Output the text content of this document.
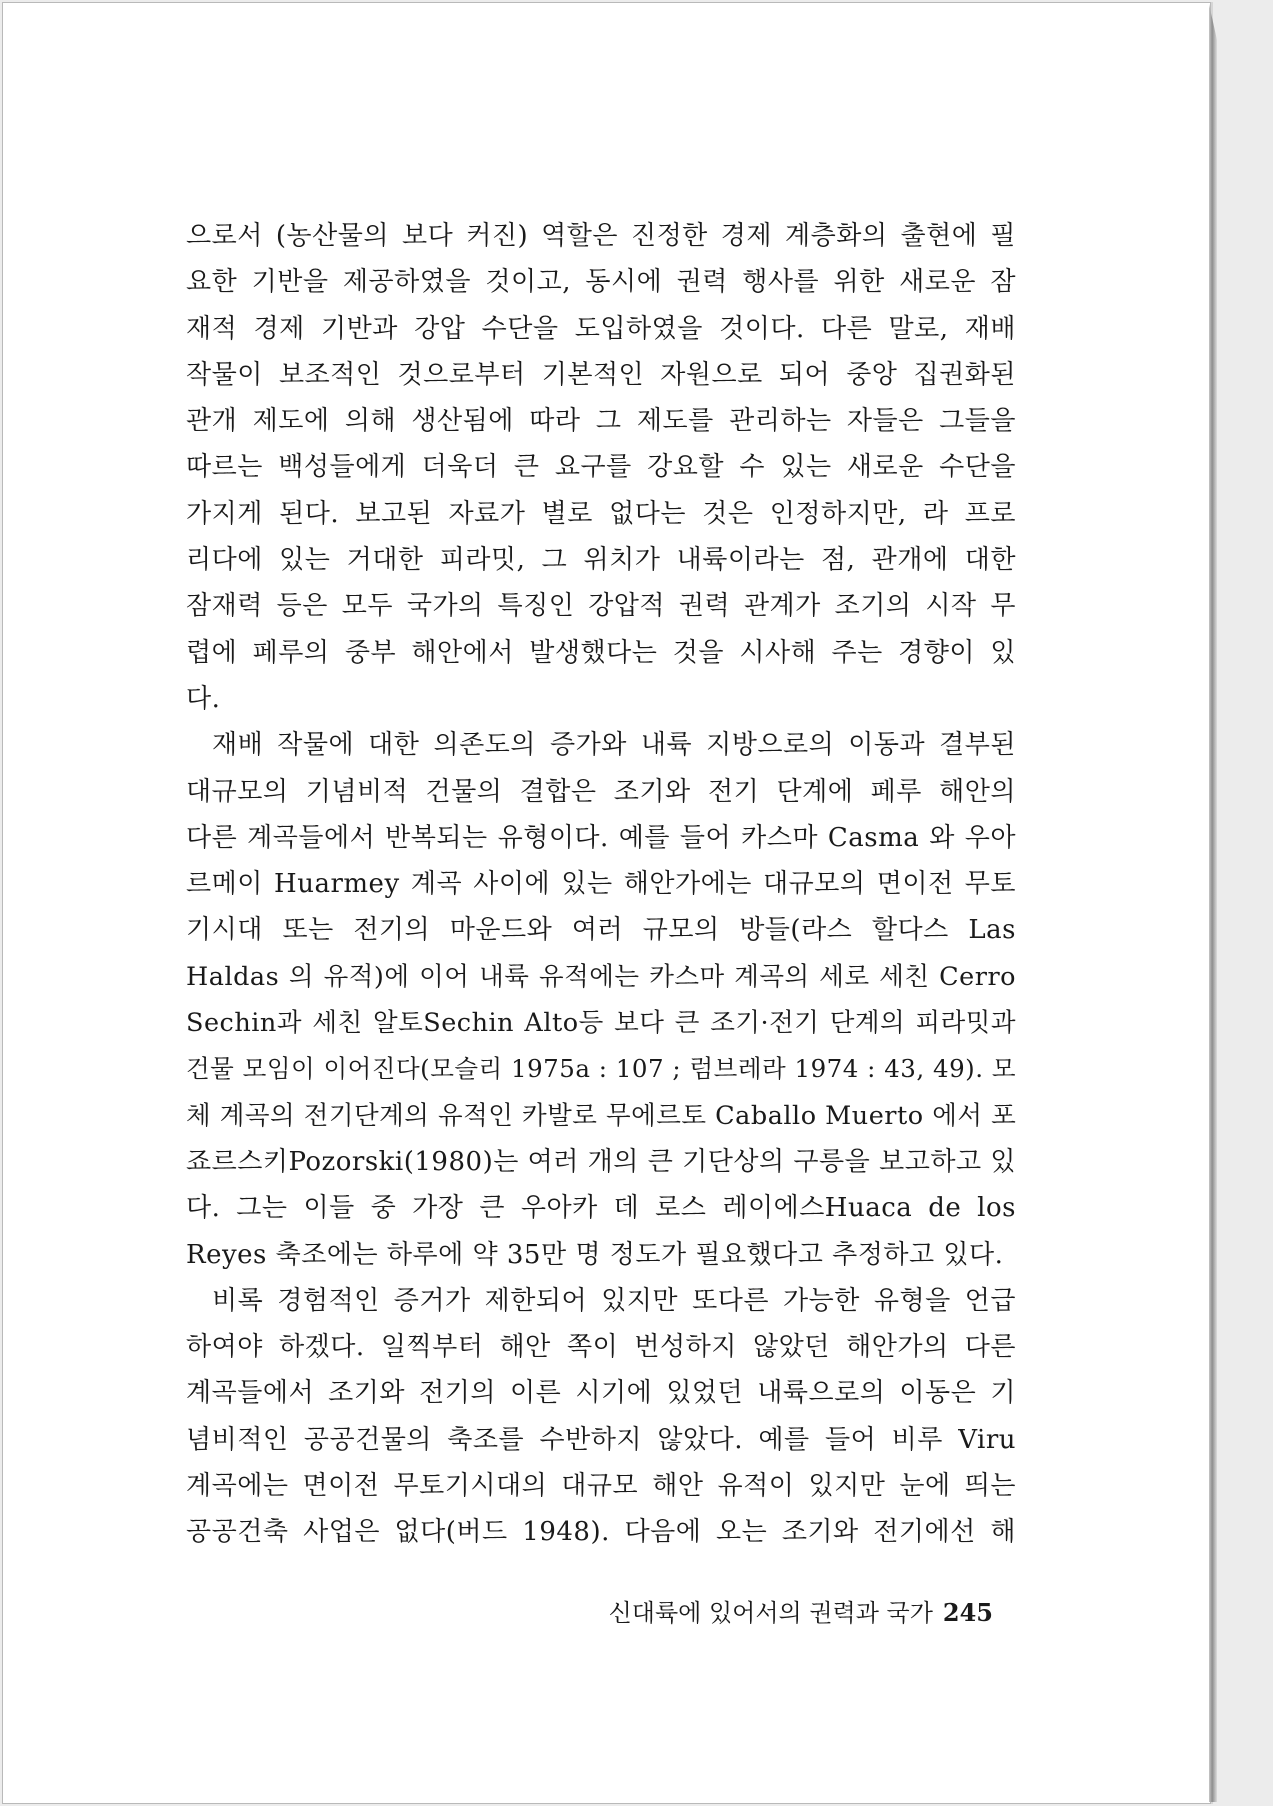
으로서 (농산물의 보다 커진) 역할은 진정한 경제 계층화의 출현에 필
요한 기반을 제공하였을 것이고, 동시에 권력 행사를 위한 새로운 잠
재적 경제 기반과 강압 수단을 도입하였을 것이다. 다른 말로, 재배
작물이 보조적인 것으로부터 기본적인 자원으로 되어 중앙 집권화된
관개 제도에 의해 생산됨에 따라 그 제도를 관리하는 자들은 그들을
따르는 백성들에게 더욱더 큰 요구를 강요할 수 있는 새로운 수단을
가지게 된다. 보고된 자료가 별로 없다는 것은 인정하지만, 라 프로
리다에 있는 거대한 피라밋, 그 위치가 내륙이라는 점, 관개에 대한
잠재력 등은 모두 국가의 특징인 강압적 권력 관계가 조기의 시작 무
렵에 페루의 중부 해안에서 발생했다는 것을 시사해 주는 경향이 있
다.
재배 작물에 대한 의존도의 증가와 내륙 지방으로의 이동과 결부된
대규모의 기념비적 건물의 결합은 조기와 전기 단계에 페루 해안의
다른 계곡들에서 반복되는 유형이다. 예를 들어 카스마 Casma 와 우아
르메이 Huarmey 계곡 사이에 있는 해안가에는 대규모의 면이전 무토
기시대 또는 전기의 마운드와 여러 규모의 방들(라스 할다스 Las
Haldas 의 유적)에 이어 내륙 유적에는 카스마 계곡의 세로 세친 Cerro
Sechin과 세친 알토Sechin Alto등 보다 큰 조기·전기 단계의 피라밋과
건물 모임이 이어진다(모슬리 1975a : 107 ; 럼브레라 1974 : 43, 49). 모
체 계곡의 전기단계의 유적인 카발로 무에르토 Caballo Muerto 에서 포
죠르스키Pozorski(1980)는 여러 개의 큰 기단상의 구릉을 보고하고 있
다. 그는 이들 중 가장 큰 우아카 데 로스 레이에스Huaca de los
Reyes 축조에는 하루에 약 35만 명 정도가 필요했다고 추정하고 있다.
비록 경험적인 증거가 제한되어 있지만 또다른 가능한 유형을 언급
하여야 하겠다. 일찍부터 해안 쪽이 번성하지 않았던 해안가의 다른
계곡들에서 조기와 전기의 이른 시기에 있었던 내륙으로의 이동은 기
념비적인 공공건물의 축조를 수반하지 않았다. 예를 들어 비루 Viru
계곡에는 면이전 무토기시대의 대규모 해안 유적이 있지만 눈에 띄는
공공건축 사업은 없다(버드 1948). 다음에 오는 조기와 전기에선 해
신대륙에 있어서의 권력과 국가 245
